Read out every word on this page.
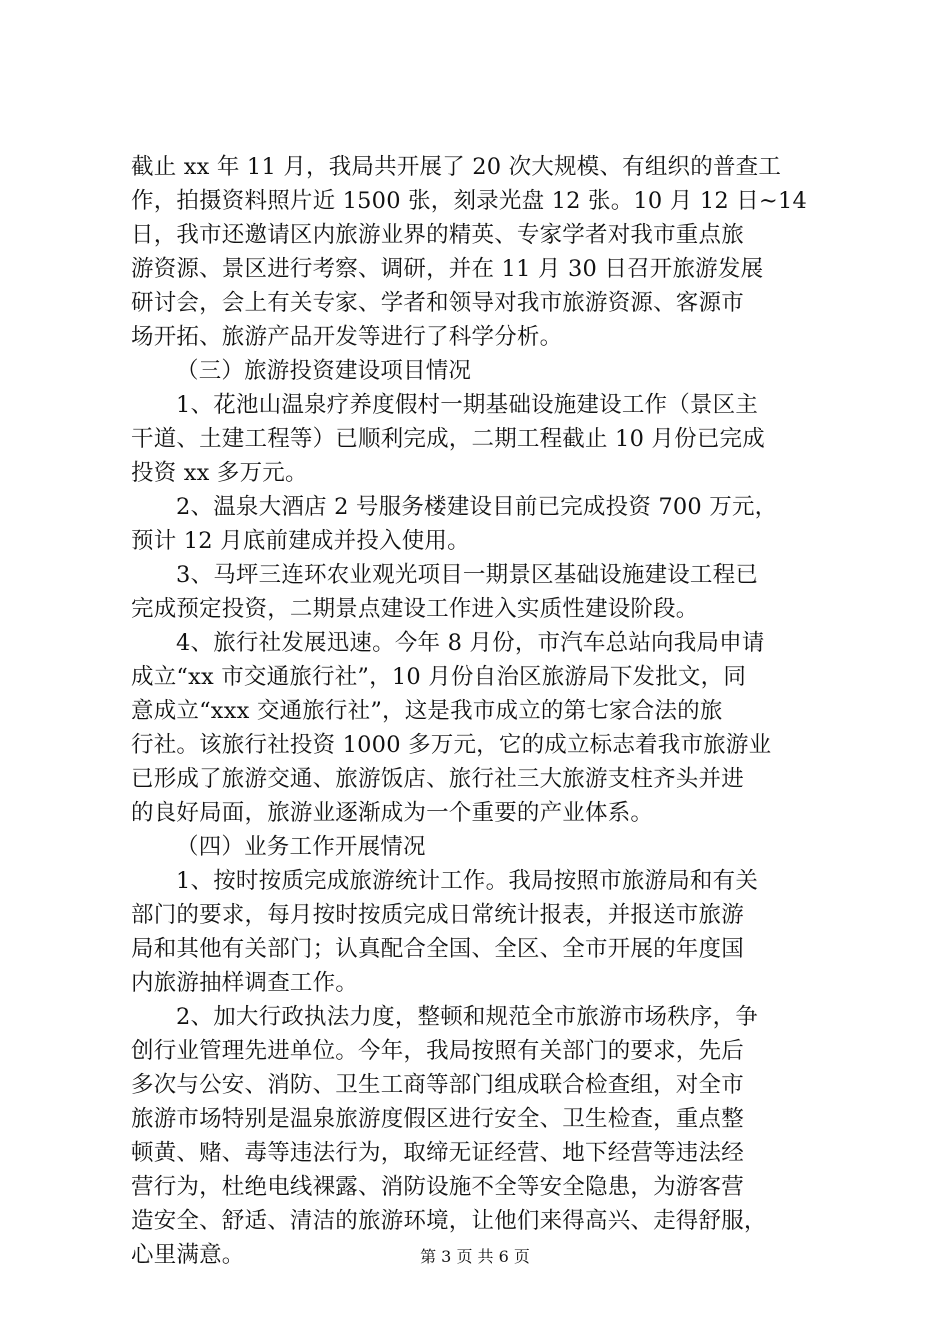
截止 xx 年 11 月，我局共开展了 20 次大规模、有组织的普查工
作，拍摄资料照片近 1500 张，刻录光盘 12 张。10 月 12 日~14
日，我市还邀请区内旅游业界的精英、专家学者对我市重点旅
游资源、景区进行考察、调研，并在 11 月 30 日召开旅游发展
研讨会，会上有关专家、学者和领导对我市旅游资源、客源市
场开拓、旅游产品开发等进行了科学分析。
（三）旅游投资建设项目情况
1、花池山温泉疗养度假村一期基础设施建设工作（景区主
干道、土建工程等）已顺利完成，二期工程截止 10 月份已完成
投资 xx 多万元。
2、温泉大酒店 2 号服务楼建设目前已完成投资 700 万元，
预计 12 月底前建成并投入使用。
3、马坪三连环农业观光项目一期景区基础设施建设工程已
完成预定投资，二期景点建设工作进入实质性建设阶段。
4、旅行社发展迅速。今年 8 月份，市汽车总站向我局申请
成立“xx 市交通旅行社”，10 月份自治区旅游局下发批文，同
意成立“xxx 交通旅行社”，这是我市成立的第七家合法的旅
行社。该旅行社投资 1000 多万元，它的成立标志着我市旅游业
已形成了旅游交通、旅游饭店、旅行社三大旅游支柱齐头并进
的良好局面，旅游业逐渐成为一个重要的产业体系。
（四）业务工作开展情况
1、按时按质完成旅游统计工作。我局按照市旅游局和有关
部门的要求，每月按时按质完成日常统计报表，并报送市旅游
局和其他有关部门；认真配合全国、全区、全市开展的年度国
内旅游抽样调查工作。
2、加大行政执法力度，整顿和规范全市旅游市场秩序，争
创行业管理先进单位。今年，我局按照有关部门的要求，先后
多次与公安、消防、卫生工商等部门组成联合检查组，对全市
旅游市场特别是温泉旅游度假区进行安全、卫生检查，重点整
顿黄、赌、毒等违法行为，取缔无证经营、地下经营等违法经
营行为，杜绝电线裸露、消防设施不全等安全隐患，为游客营
造安全、舒适、清洁的旅游环境，让他们来得高兴、走得舒服，
心里满意。	第 3 页 共 6 页
